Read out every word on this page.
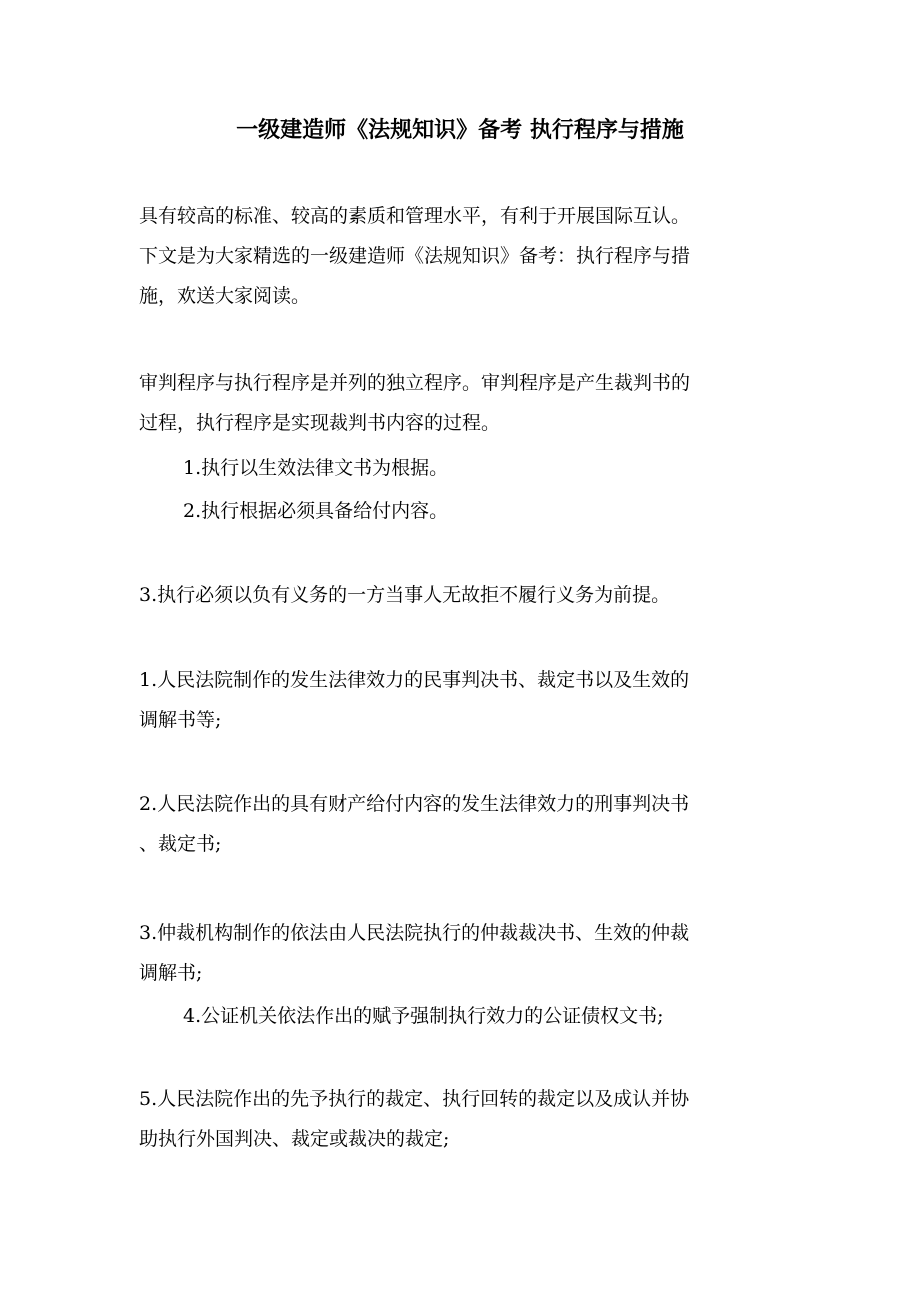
一级建造师《法规知识》备考 执行程序与措施

具有较高的标准、较高的素质和管理水平，有利于开展国际互认。
下文是为大家精选的一级建造师《法规知识》备考：执行程序与措
施，欢送大家阅读。

审判程序与执行程序是并列的独立程序。审判程序是产生裁判书的
过程，执行程序是实现裁判书内容的过程。

1.执行以生效法律文书为根据。

2.执行根据必须具备给付内容。

3.执行必须以负有义务的一方当事人无故拒不履行义务为前提。

1.人民法院制作的发生法律效力的民事判决书、裁定书以及生效的
调解书等;

2.人民法院作出的具有财产给付内容的发生法律效力的刑事判决书
、裁定书;

3.仲裁机构制作的依法由人民法院执行的仲裁裁决书、生效的仲裁
调解书;

4.公证机关依法作出的赋予强制执行效力的公证债权文书;

5.人民法院作出的先予执行的裁定、执行回转的裁定以及成认并协
助执行外国判决、裁定或裁决的裁定;
